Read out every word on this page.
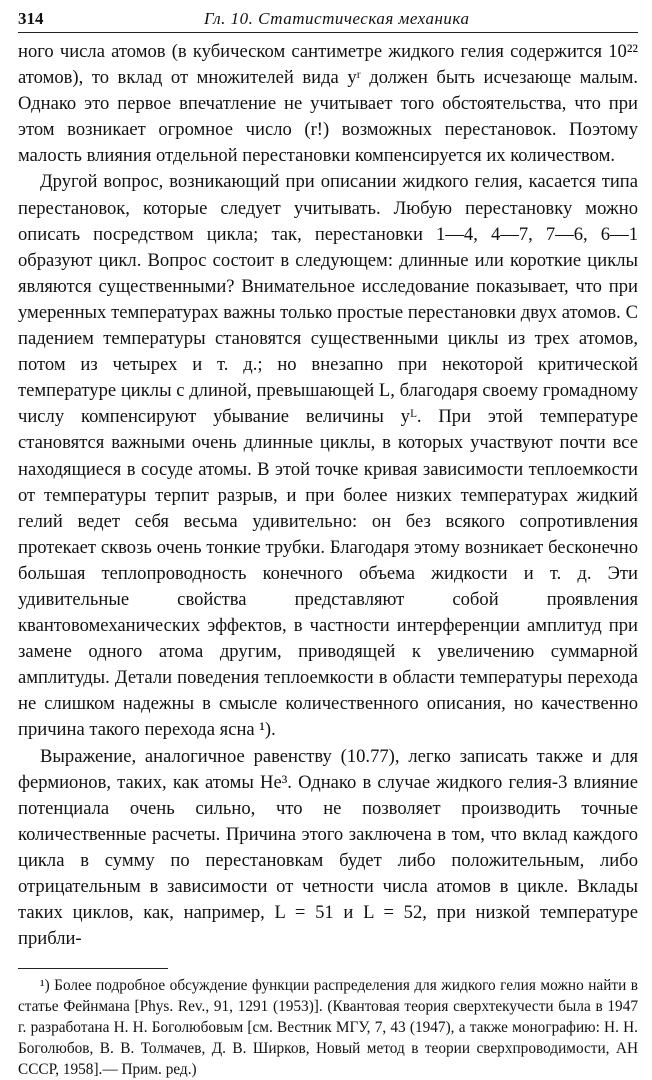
314	Гл. 10. Статистическая механика

ного числа атомов (в кубическом сантиметре жидкого гелия содержится 10²² атомов), то вклад от множителей вида yʳ должен быть исчезающе малым. Однако это первое впечатление не учитывает того обстоятельства, что при этом возникает огромное число (r!) возможных перестановок. Поэтому малость влияния отдельной перестановки компенсируется их количеством.

Другой вопрос, возникающий при описании жидкого гелия, касается типа перестановок, которые следует учитывать. Любую перестановку можно описать посредством цикла; так, перестановки 1—4, 4—7, 7—6, 6—1 образуют цикл. Вопрос состоит в следующем: длинные или короткие циклы являются существенными? Внимательное исследование показывает, что при умеренных температурах важны только простые перестановки двух атомов. С падением температуры становятся существенными циклы из трех атомов, потом из четырех и т. д.; но внезапно при некоторой критической температуре циклы с длиной, превышающей L, благодаря своему громадному числу компенсируют убывание величины yᴸ. При этой температуре становятся важными очень длинные циклы, в которых участвуют почти все находящиеся в сосуде атомы. В этой точке кривая зависимости теплоемкости от температуры терпит разрыв, и при более низких температурах жидкий гелий ведет себя весьма удивительно: он без всякого сопротивления протекает сквозь очень тонкие трубки. Благодаря этому возникает бесконечно большая теплопроводность конечного объема жидкости и т. д. Эти удивительные свойства представляют собой проявления квантовомеханических эффектов, в частности интерференции амплитуд при замене одного атома другим, приводящей к увеличению суммарной амплитуды. Детали поведения теплоемкости в области температуры перехода не слишком надежны в смысле количественного описания, но качественно причина такого перехода ясна ¹).

Выражение, аналогичное равенству (10.77), легко записать также и для фермионов, таких, как атомы He³. Однако в случае жидкого гелия-3 влияние потенциала очень сильно, что не позволяет производить точные количественные расчеты. Причина этого заключена в том, что вклад каждого цикла в сумму по перестановкам будет либо положительным, либо отрицательным в зависимости от четности числа атомов в цикле. Вклады таких циклов, как, например, L = 51 и L = 52, при низкой температуре прибли-

¹) Более подробное обсуждение функции распределения для жидкого гелия можно найти в статье Фейнмана [Phys. Rev., 91, 1291 (1953)]. (Квантовая теория сверхтекучести была в 1947 г. разработана Н. Н. Боголюбовым [см. Вестник МГУ, 7, 43 (1947), а также монографию: Н. Н. Боголюбов, В. В. Толмачев, Д. В. Ширков, Новый метод в теории сверхпроводимости, АН СССР, 1958].— Прим. ред.)
